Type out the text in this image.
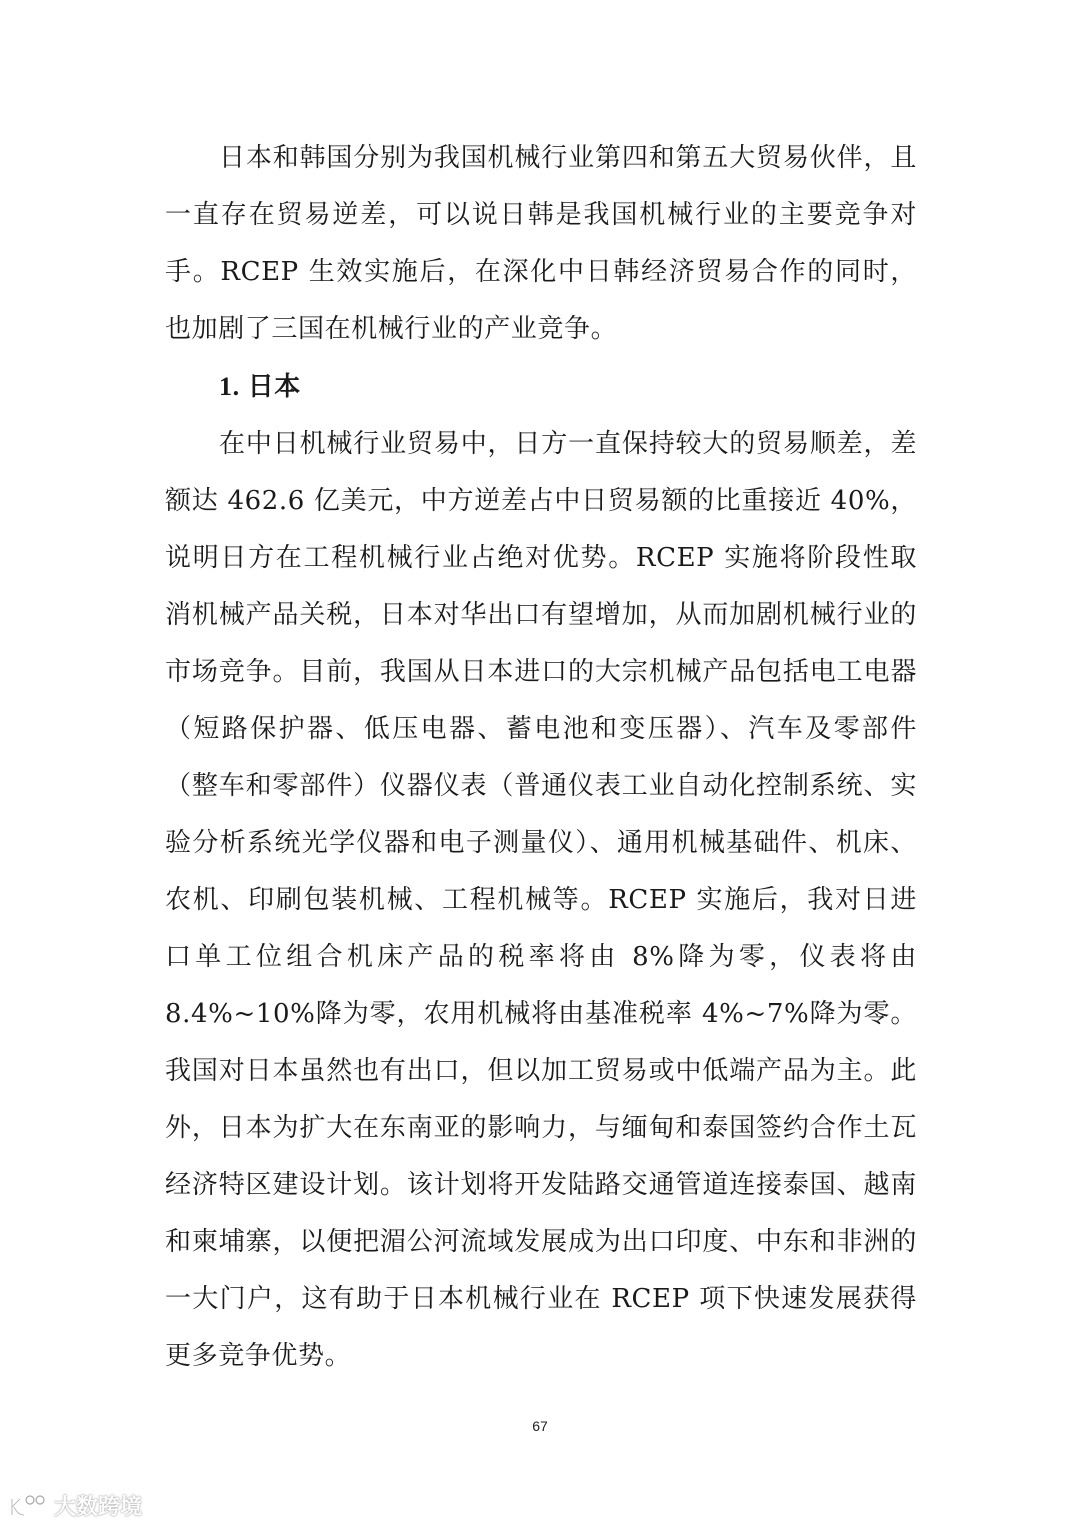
日本和韩国分别为我国机械行业第四和第五大贸易伙伴，且一直存在贸易逆差，可以说日韩是我国机械行业的主要竞争对手。RCEP 生效实施后，在深化中日韩经济贸易合作的同时，也加剧了三国在机械行业的产业竞争。

1. 日本

在中日机械行业贸易中，日方一直保持较大的贸易顺差，差额达 462.6 亿美元，中方逆差占中日贸易额的比重接近 40%，说明日方在工程机械行业占绝对优势。RCEP 实施将阶段性取消机械产品关税，日本对华出口有望增加，从而加剧机械行业的市场竞争。目前，我国从日本进口的大宗机械产品包括电工电器（短路保护器、低压电器、蓄电池和变压器）、汽车及零部件（整车和零部件）仪器仪表（普通仪表工业自动化控制系统、实验分析系统光学仪器和电子测量仪）、通用机械基础件、机床、农机、印刷包装机械、工程机械等。RCEP 实施后，我对日进口单工位组合机床产品的税率将由 8%降为零，仪表将由 8.4%~10%降为零，农用机械将由基准税率 4%~7%降为零。我国对日本虽然也有出口，但以加工贸易或中低端产品为主。此外，日本为扩大在东南亚的影响力，与缅甸和泰国签约合作土瓦经济特区建设计划。该计划将开发陆路交通管道连接泰国、越南和柬埔寨，以便把湄公河流域发展成为出口印度、中东和非洲的一大门户，这有助于日本机械行业在 RCEP 项下快速发展获得更多竞争优势。

67
大数跨境
